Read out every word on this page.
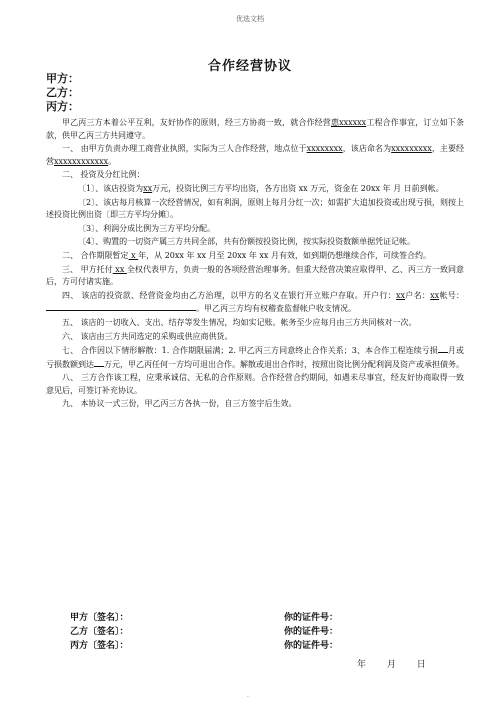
优选文档
合作经营协议
甲方：
乙方：
丙方：

甲乙丙三方本着公平互利，友好协作的原则，经三方协商一致，就合作经营惠xxxxxx工程合作事宜，订立如下条款，供甲乙丙三方共同遵守。

一、 由甲方负责办理工商营业执照，实际为三人合作经营，地点位于xxxxxxxx，该店命名为xxxxxxxxx，主要经营xxxxxxxxxxxx。

二、 投资及分红比例：

〔1〕、该店投资为xx万元，投资比例三方平均出资，各方出资 xx 万元，资金在 20xx 年 月 日前到帐。

〔2〕、该店每月核算一次经营情况，如有利润，原则上每月分红一次；如需扩大追加投资或出现亏损，则按上述投资比例出资〔即三方平均分摊〕。

〔3〕、利润分成比例为三方平均分配。

〔4〕、购置的一切资产属三方共同全部，共有份额按投资比例，按实际投资数额单据凭证记帐。

二、 合作期限暂定 x 年，从 20xx 年 xx 月至 20xx 年 xx 月有效，如到期仍想继续合作，可续签合约。

三、 甲方托付 xx 全权代表甲方，负责一般的各项经营治理事务。但重大经营决策应取得甲、乙、丙三方一致同意后，方可付诸实施。

四、 该店的投资款、经营资金均由乙方治理，以甲方的名义在银行开立账户存取。开户行：xx户名：xx帐号：。甲乙丙三方均有权稽查监督帐户收支情况。

五、 该店的一切收入、支出、结存等发生情况，均如实记账。帐务至少应每月由三方共同核对一次。

六、 该店由三方共同选定的采购或供应商供货。

七、 合作因以下情形解散：1. 合作期限届满；2. 甲乙丙三方同意终止合作关系；3、本合作工程连续亏损 月或亏损数额到达 万元，甲乙丙任何一方均可退出合作。解散或退出合作时，按照出资比例分配利润及资产或承担债务。

八、 三方合作该工程，应秉承诚信、无私的合作原则。合作经营合约期间，如遇未尽事宜，经友好协商取得一致意见后，可签订补充协议。

九、 本协议一式三份，甲乙丙三方各执一份，自三方签字后生效。

甲方〔签名〕：	你的证件号：
乙方〔签名〕：	你的证件号：
丙方〔签名〕：	你的证件号：
年 月 日
.
